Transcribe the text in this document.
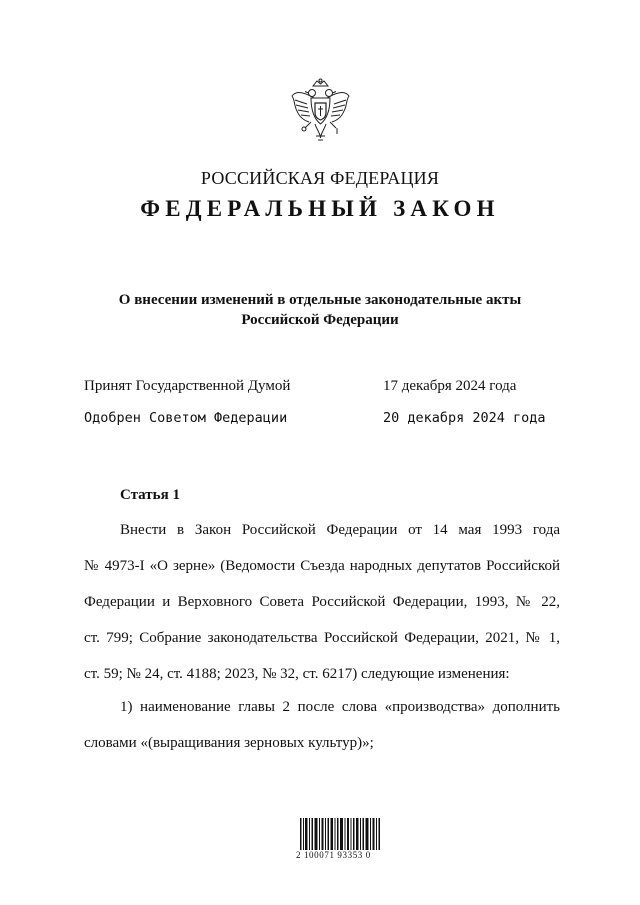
РОССИЙСКАЯ ФЕДЕРАЦИЯ
ФЕДЕРАЛЬНЫЙ ЗАКОН
О внесении изменений в отдельные законодательные акты
Российской Федерации
Принят Государственной Думой	17 декабря 2024 года
Одобрен Советом Федерации	20 декабря 2024 года
Статья 1
Внести в Закон Российской Федерации от 14 мая 1993 года
№ 4973-I «О зерне» (Ведомости Съезда народных депутатов Российской
Федерации и Верховного Совета Российской Федерации, 1993, № 22,
ст. 799; Собрание законодательства Российской Федерации, 2021, № 1,
ст. 59; № 24, ст. 4188; 2023, № 32, ст. 6217) следующие изменения:
1) наименование главы 2 после слова «производства» дополнить
словами «(выращивания зерновых культур)»;
2 100071 93353 0
